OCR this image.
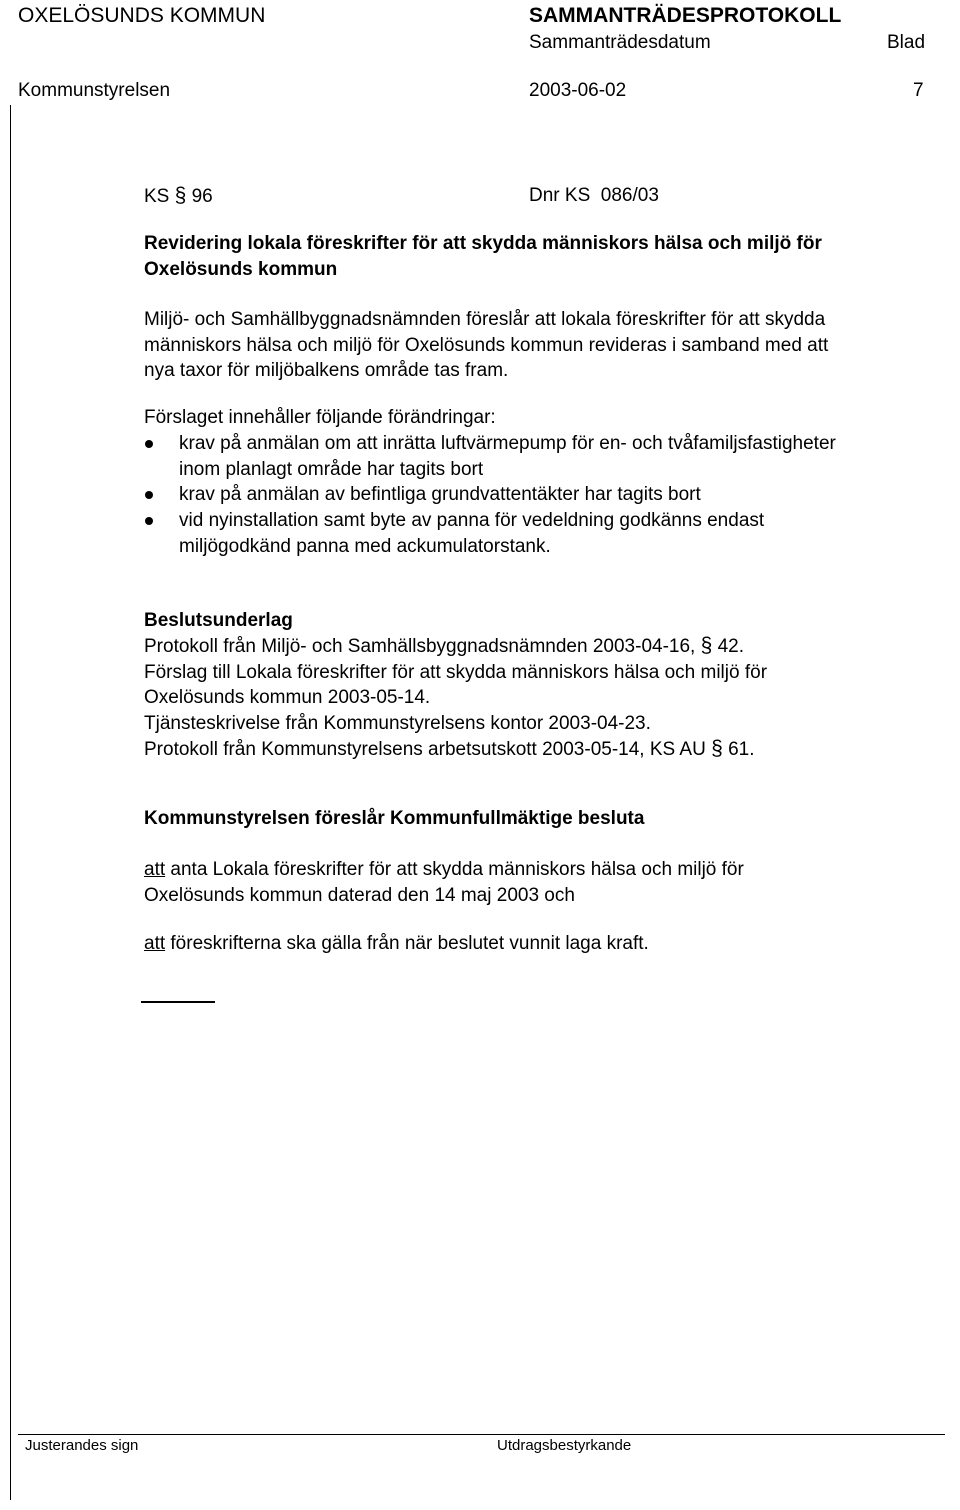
OXELÖSUNDS KOMMUN	SAMMANTRÄDESPROTOKOLL
Sammanträdesdatum	Blad
Kommunstyrelsen	2003-06-02	7
KS § 96	Dnr KS  086/03
Revidering lokala föreskrifter för att skydda människors hälsa och miljö för
Oxelösunds kommun
Miljö- och Samhällbyggnadsnämnden föreslår att lokala föreskrifter för att skydda
människors hälsa och miljö för Oxelösunds kommun revideras i samband med att
nya taxor för miljöbalkens område tas fram.
Förslaget innehåller följande förändringar:
krav på anmälan om att inrätta luftvärmepump för en- och tvåfamiljsfastigheter
inom planlagt område har tagits bort
krav på anmälan av befintliga grundvattentäkter har tagits bort
vid nyinstallation samt byte av panna för vedeldning godkänns endast
miljögodkänd panna med ackumulatorstank.
Beslutsunderlag
Protokoll från Miljö- och Samhällsbyggnadsnämnden 2003-04-16, § 42.
Förslag till Lokala föreskrifter för att skydda människors hälsa och miljö för
Oxelösunds kommun 2003-05-14.
Tjänsteskrivelse från Kommunstyrelsens kontor 2003-04-23.
Protokoll från Kommunstyrelsens arbetsutskott 2003-05-14, KS AU § 61.
Kommunstyrelsen föreslår Kommunfullmäktige besluta
att anta Lokala föreskrifter för att skydda människors hälsa och miljö för
Oxelösunds kommun daterad den 14 maj 2003 och
att föreskrifterna ska gälla från när beslutet vunnit laga kraft.
Justerandes sign	Utdragsbestyrkande
